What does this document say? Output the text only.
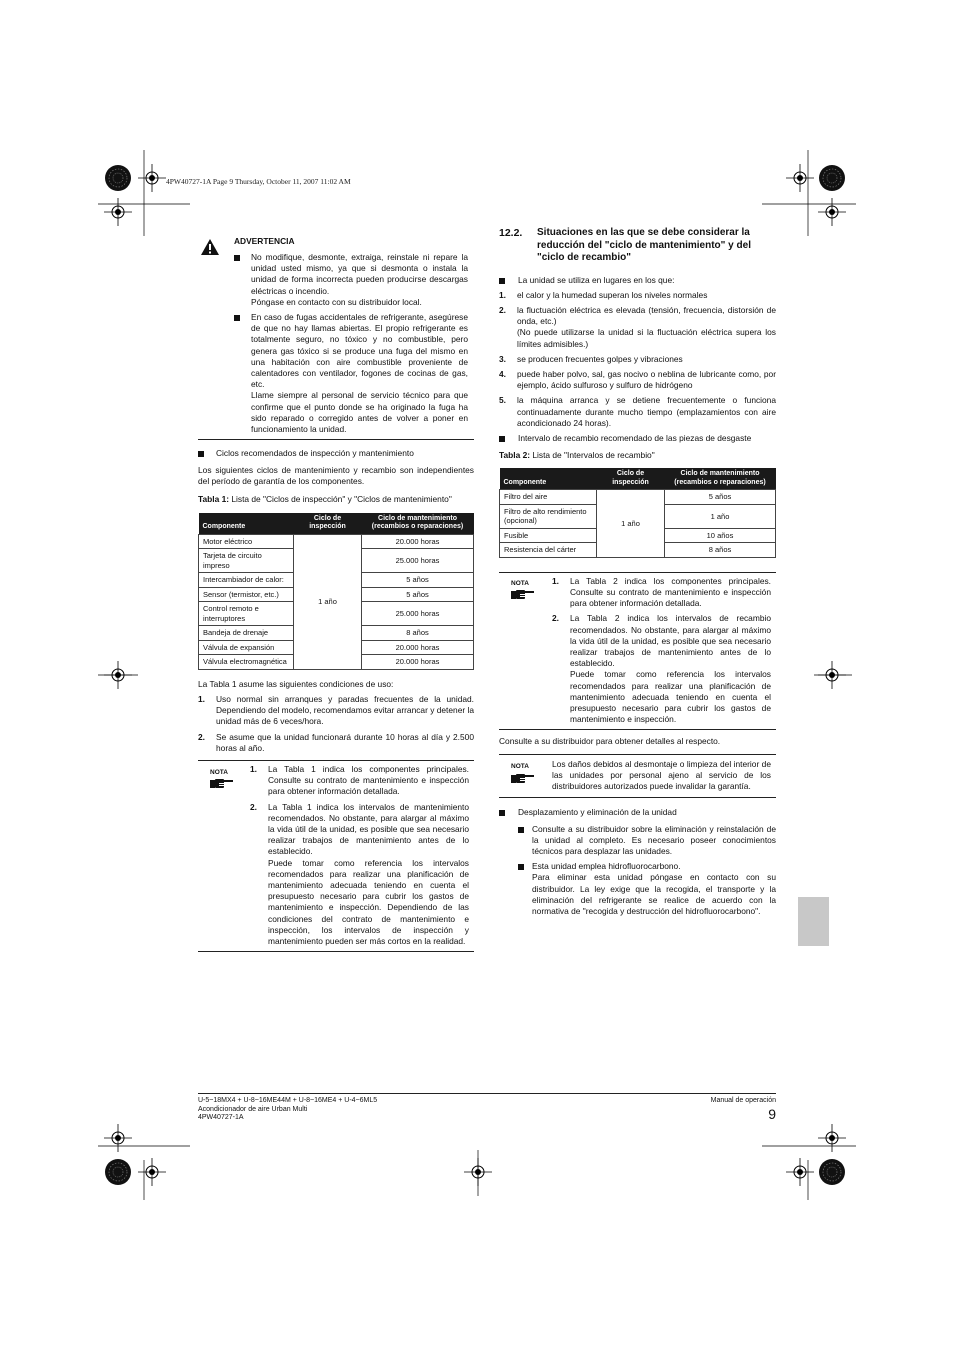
4PW40727-1A Page 9 Thursday, October 11, 2007 11:02 AM
ADVERTENCIA

No modifique, desmonte, extraiga, reinstale ni repare la unidad usted mismo, ya que si desmonta o instala la unidad de forma incorrecta pueden producirse descargas eléctricas o incendio.

Póngase en contacto con su distribuidor local.

En caso de fugas accidentales de refrigerante, asegúrese de que no hay llamas abiertas. El propio refrigerante es totalmente seguro, no tóxico y no combustible, pero genera gas tóxico si se produce una fuga del mismo en una habitación con aire combustible proveniente de calentadores con ventilador, fogones de cocinas de gas, etc.

Llame siempre al personal de servicio técnico para que confirme que el punto donde se ha originado la fuga ha sido reparado o corregido antes de volver a poner en funcionamiento la unidad.

Ciclos recomendados de inspección y mantenimiento

Los siguientes ciclos de mantenimiento y recambio son independientes del período de garantía de los componentes.

Tabla 1: Lista de "Ciclos de inspección" y "Ciclos de mantenimiento"
Componente	Ciclo de inspección	Ciclo de mantenimiento (recambios o reparaciones)
Motor eléctrico	1 año	20.000 horas
Tarjeta de circuito impreso		25.000 horas
Intercambiador de calor:		5 años
Sensor (termistor, etc.)		5 años
Control remoto e interruptores		25.000 horas
Bandeja de drenaje		8 años
Válvula de expansión		20.000 horas
Válvula electromagnética		20.000 horas

La Tabla 1 asume las siguientes condiciones de uso:

1.	Uso normal sin arranques y paradas frecuentes de la unidad. Dependiendo del modelo, recomendamos evitar arrancar y detener la unidad más de 6 veces/hora.
2.	Se asume que la unidad funcionará durante 10 horas al día y 2.500 horas al año.
NOTA	1.	La Tabla 1 indica los componentes principales. Consulte su contrato de mantenimiento e inspección para obtener información detallada.
2.	La Tabla 1 indica los intervalos de mantenimiento recomendados. No obstante, para alargar al máximo la vida útil de la unidad, es posible que sea necesario realizar trabajos de mantenimiento antes de lo establecido.
Puede tomar como referencia los intervalos recomendados para realizar una planificación de mantenimiento adecuada teniendo en cuenta el presupuesto necesario para cubrir los gastos de mantenimiento e inspección. Dependiendo de las condiciones del contrato de mantenimiento e inspección, los intervalos de inspección y mantenimiento pueden ser más cortos en la realidad.
12.2.	Situaciones en las que se debe considerar la reducción del "ciclo de mantenimiento" y del "ciclo de recambio"
La unidad se utiliza en lugares en los que:
1.	el calor y la humedad superan los niveles normales
2.	la fluctuación eléctrica es elevada (tensión, frecuencia, distorsión de onda, etc.)
(No puede utilizarse la unidad si la fluctuación eléctrica supera los límites admisibles.)
3.	se producen frecuentes golpes y vibraciones
4.	puede haber polvo, sal, gas nocivo o neblina de lubricante como, por ejemplo, ácido sulfuroso y sulfuro de hidrógeno
5.	la máquina arranca y se detiene frecuentemente o funciona continuadamente durante mucho tiempo (emplazamientos con aire acondicionado 24 horas).
Intervalo de recambio recomendado de las piezas de desgaste
Tabla 2: Lista de "Intervalos de recambio"
Componente	Ciclo de inspección	Ciclo de mantenimiento (recambios o reparaciones)
Filtro del aire	1 año	5 años
Filtro de alto rendimiento (opcional)		1 año
Fusible		10 años
Resistencia del cárter		8 años
NOTA	1.	La Tabla 2 indica los componentes principales. Consulte su contrato de mantenimiento e inspección para obtener información detallada.
2.	La Tabla 2 indica los intervalos de recambio recomendados. No obstante, para alargar al máximo la vida útil de la unidad, es posible que sea necesario realizar trabajos de mantenimiento antes de lo establecido.
Puede tomar como referencia los intervalos recomendados para realizar una planificación de mantenimiento adecuada teniendo en cuenta el presupuesto necesario para cubrir los gastos de mantenimiento e inspección.

Consulte a su distribuidor para obtener detalles al respecto.

NOTA	Los daños debidos al desmontaje o limpieza del interior de las unidades por personal ajeno al servicio de los distribuidores autorizados puede invalidar la garantía.

Desplazamiento y eliminación de la unidad
Consulte a su distribuidor sobre la eliminación y reinstalación de la unidad al completo. Es necesario poseer conocimientos técnicos para desplazar las unidades.
Esta unidad emplea hidrofluorocarbono.

Para eliminar esta unidad póngase en contacto con su distribuidor. La ley exige que la recogida, el transporte y la eliminación del refrigerante se realice de acuerdo con la normativa de "recogida y destrucción del hidrofluorocarbono".
U-5~18MX4 + U-8~16ME44M + U-8~16ME4 + U-4~6ML5
Acondicionador de aire Urban Multi
4PW40727-1A
Manual de operación
9
